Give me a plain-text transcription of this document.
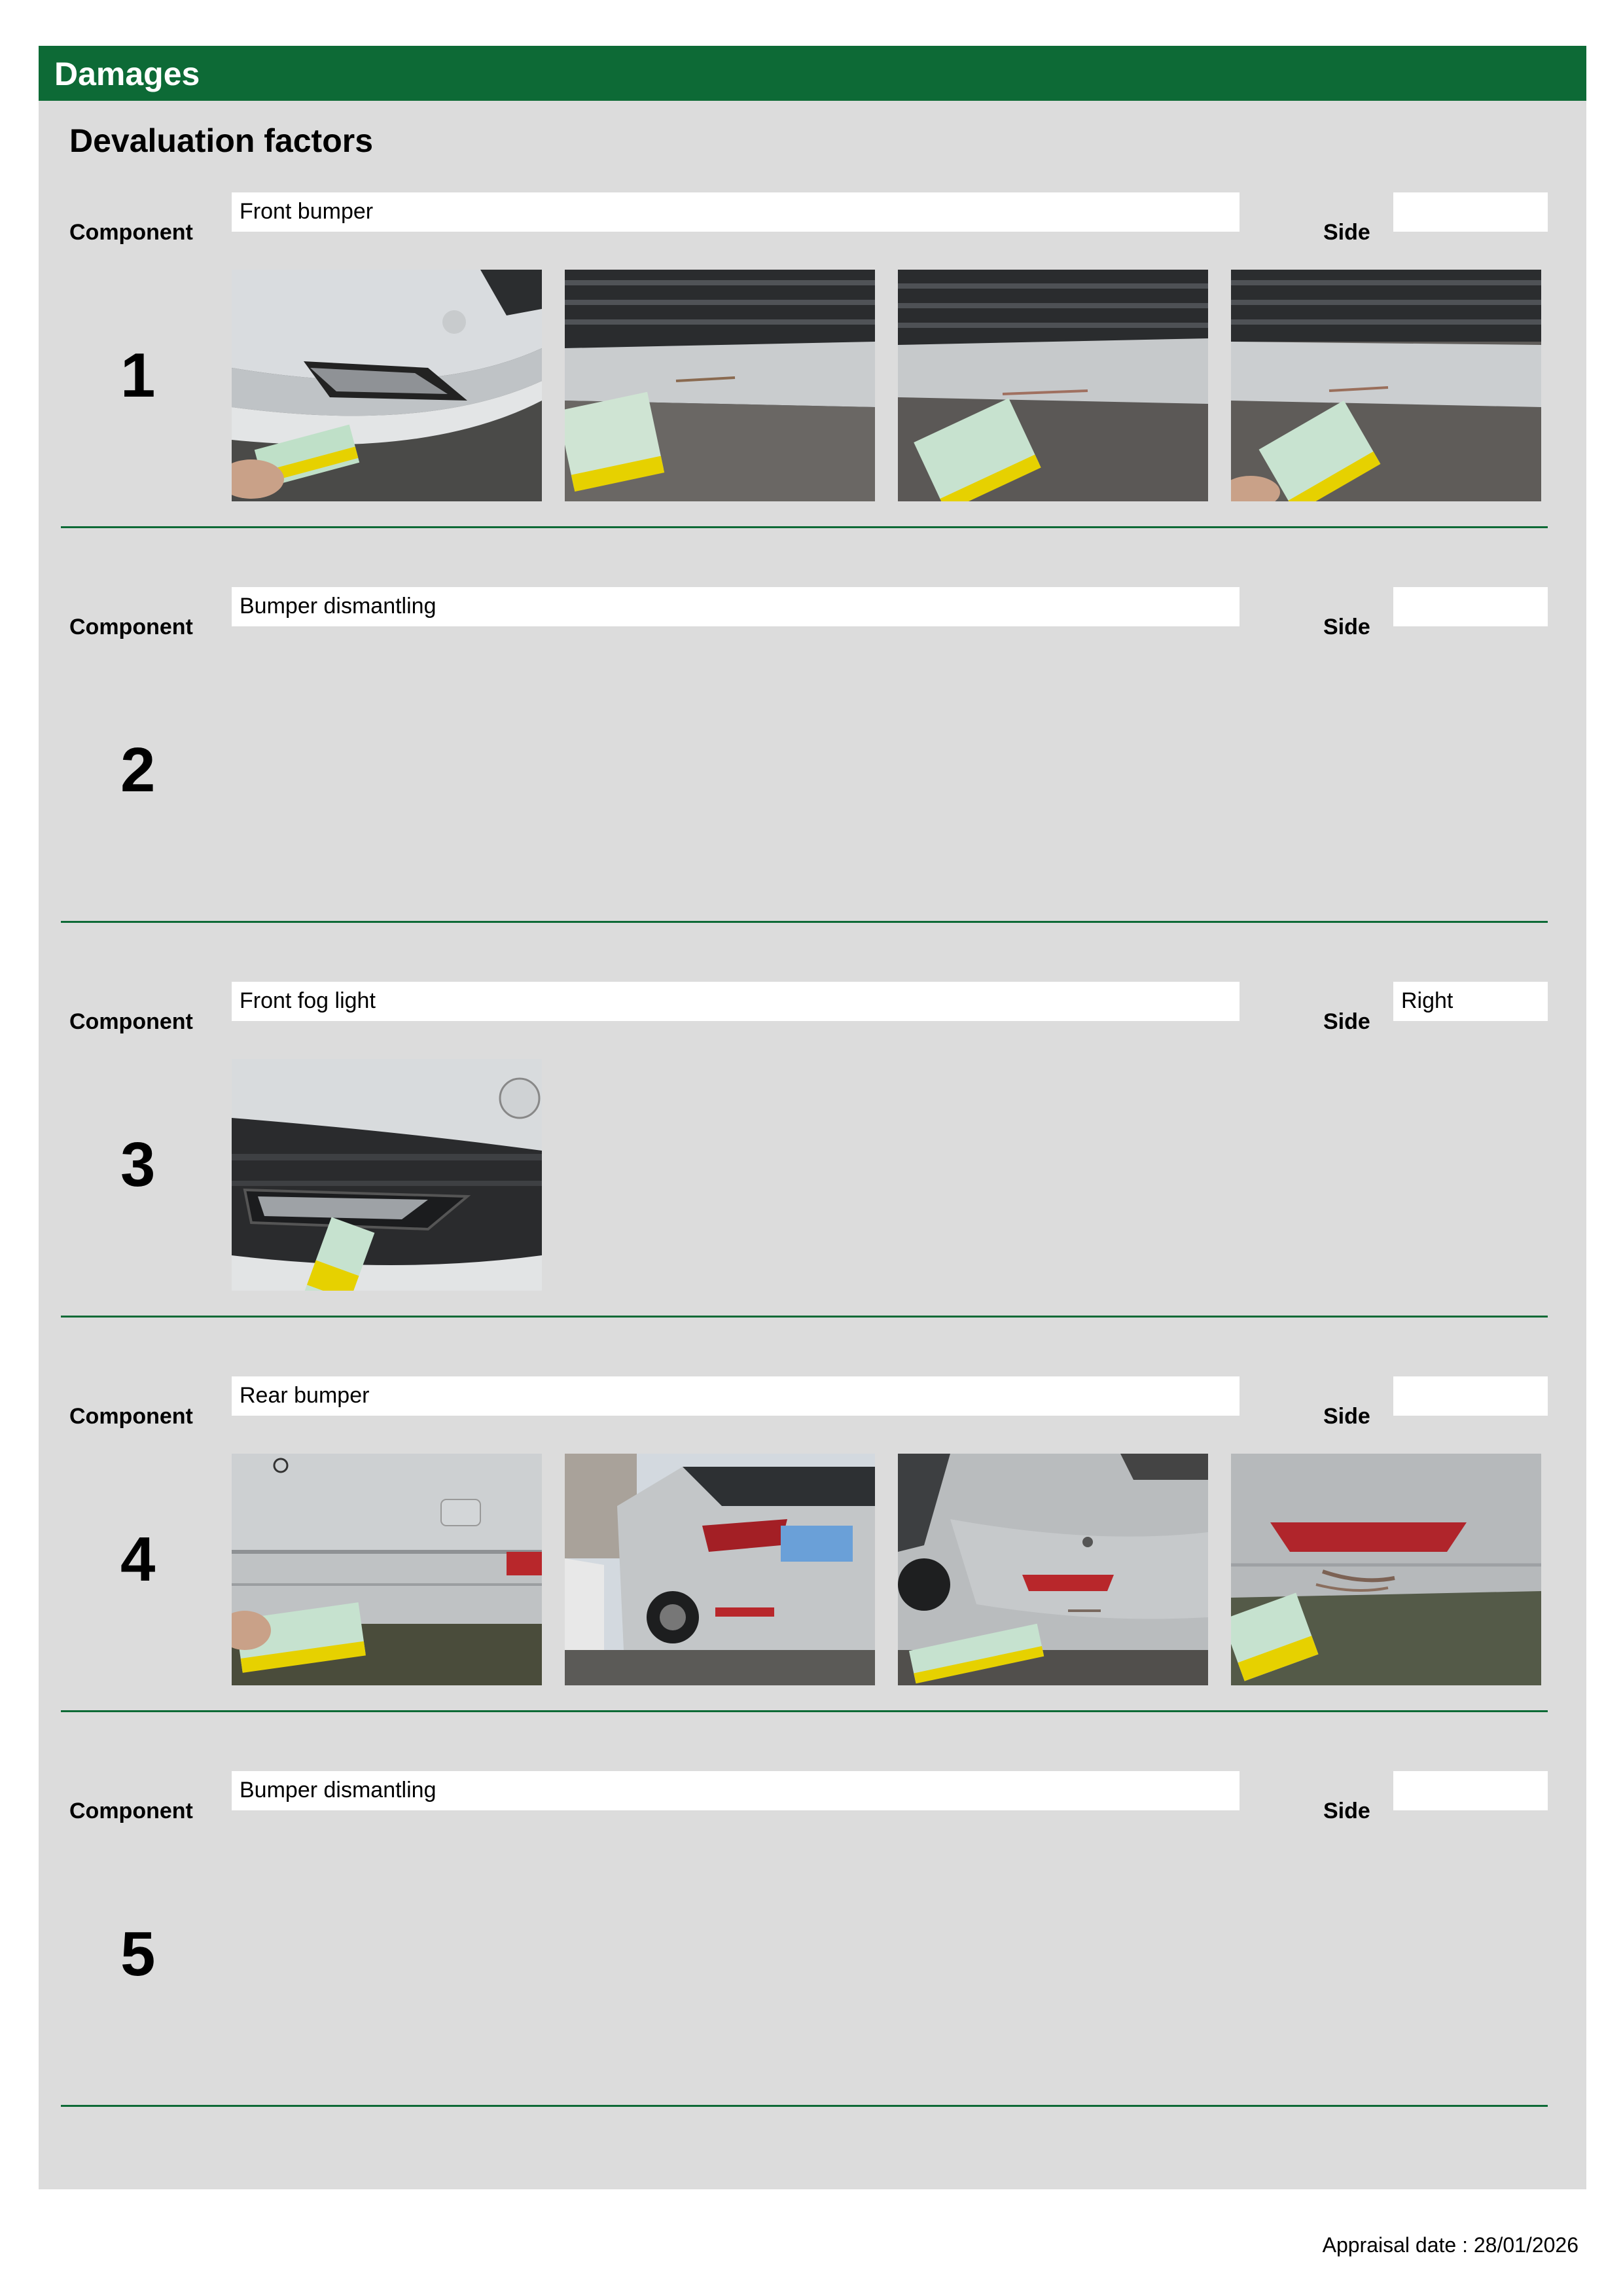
Damages
Devaluation factors
Component
Front bumper
Side
1
Component
Bumper dismantling
Side
2
Component
Front fog light
Side
Right
3
Component
Rear bumper
Side
4
Component
Bumper dismantling
Side
5
Appraisal date : 28/01/2026
